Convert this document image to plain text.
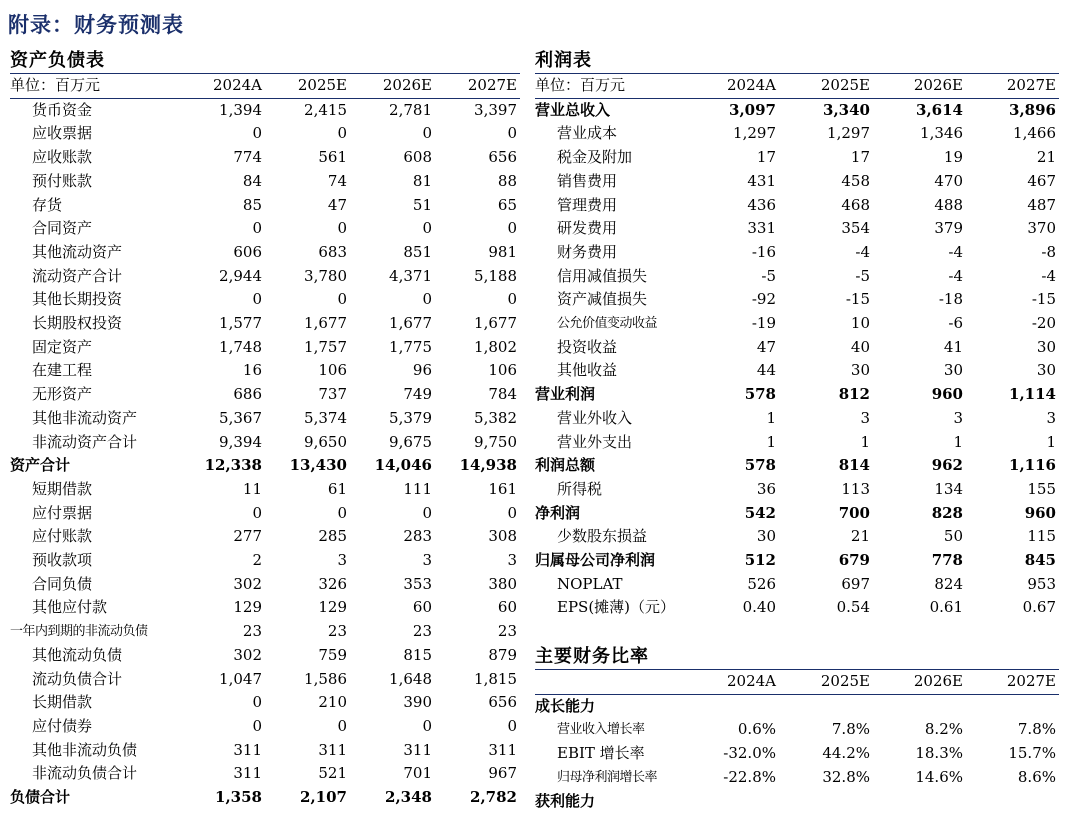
附录：财务预测表
资产负债表
单位：百万元	2024A	2025E	2026E	2027E
货币资金	1,394	2,415	2,781	3,397
应收票据	0	0	0	0
应收账款	774	561	608	656
预付账款	84	74	81	88
存货	85	47	51	65
合同资产	0	0	0	0
其他流动资产	606	683	851	981
流动资产合计	2,944	3,780	4,371	5,188
其他长期投资	0	0	0	0
长期股权投资	1,577	1,677	1,677	1,677
固定资产	1,748	1,757	1,775	1,802
在建工程	16	106	96	106
无形资产	686	737	749	784
其他非流动资产	5,367	5,374	5,379	5,382
非流动资产合计	9,394	9,650	9,675	9,750
资产合计	12,338	13,430	14,046	14,938
短期借款	11	61	111	161
应付票据	0	0	0	0
应付账款	277	285	283	308
预收款项	2	3	3	3
合同负债	302	326	353	380
其他应付款	129	129	60	60
一年内到期的非流动负债	23	23	23	23
其他流动负债	302	759	815	879
流动负债合计	1,047	1,586	1,648	1,815
长期借款	0	210	390	656
应付债券	0	0	0	0
其他非流动负债	311	311	311	311
非流动负债合计	311	521	701	967
负债合计	1,358	2,107	2,348	2,782
利润表
单位：百万元	2024A	2025E	2026E	2027E
营业总收入	3,097	3,340	3,614	3,896
营业成本	1,297	1,297	1,346	1,466
税金及附加	17	17	19	21
销售费用	431	458	470	467
管理费用	436	468	488	487
研发费用	331	354	379	370
财务费用	-16	-4	-4	-8
信用减值损失	-5	-5	-4	-4
资产减值损失	-92	-15	-18	-15
公允价值变动收益	-19	10	-6	-20
投资收益	47	40	41	30
其他收益	44	30	30	30
营业利润	578	812	960	1,114
营业外收入	1	3	3	3
营业外支出	1	1	1	1
利润总额	578	814	962	1,116
所得税	36	113	134	155
净利润	542	700	828	960
少数股东损益	30	21	50	115
归属母公司净利润	512	679	778	845
NOPLAT	526	697	824	953
EPS(摊薄)（元）	0.40	0.54	0.61	0.67
主要财务比率
	2024A	2025E	2026E	2027E
成长能力				
营业收入增长率	0.6%	7.8%	8.2%	7.8%
EBIT 增长率	-32.0%	44.2%	18.3%	15.7%
归母净利润增长率	-22.8%	32.8%	14.6%	8.6%
获利能力				
